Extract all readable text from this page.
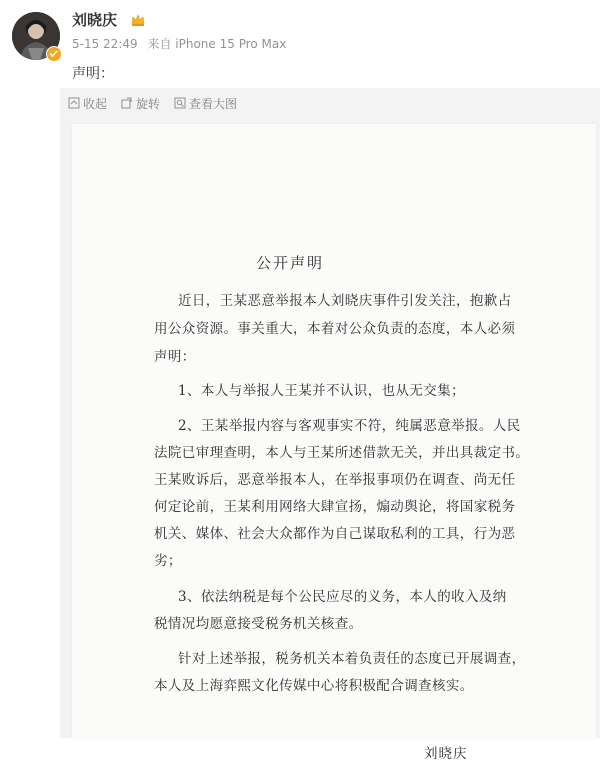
刘晓庆
5-15 22:49 来自 iPhone 15 Pro Max
声明：
收起 旋转 查看大图
公开声明
近日，王某恶意举报本人刘晓庆事件引发关注，抱歉占
用公众资源。事关重大，本着对公众负责的态度，本人必须
声明：
1、本人与举报人王某并不认识，也从无交集；
2、王某举报内容与客观事实不符，纯属恶意举报。人民
法院已审理查明，本人与王某所述借款无关，并出具裁定书。
王某败诉后，恶意举报本人，在举报事项仍在调查、尚无任
何定论前，王某利用网络大肆宣扬，煽动舆论，将国家税务
机关、媒体、社会大众都作为自己谋取私利的工具，行为恶
劣；
3、依法纳税是每个公民应尽的义务，本人的收入及纳
税情况均愿意接受税务机关核查。
针对上述举报，税务机关本着负责任的态度已开展调查，
本人及上海弈熙文化传媒中心将积极配合调查核实。
刘晓庆
